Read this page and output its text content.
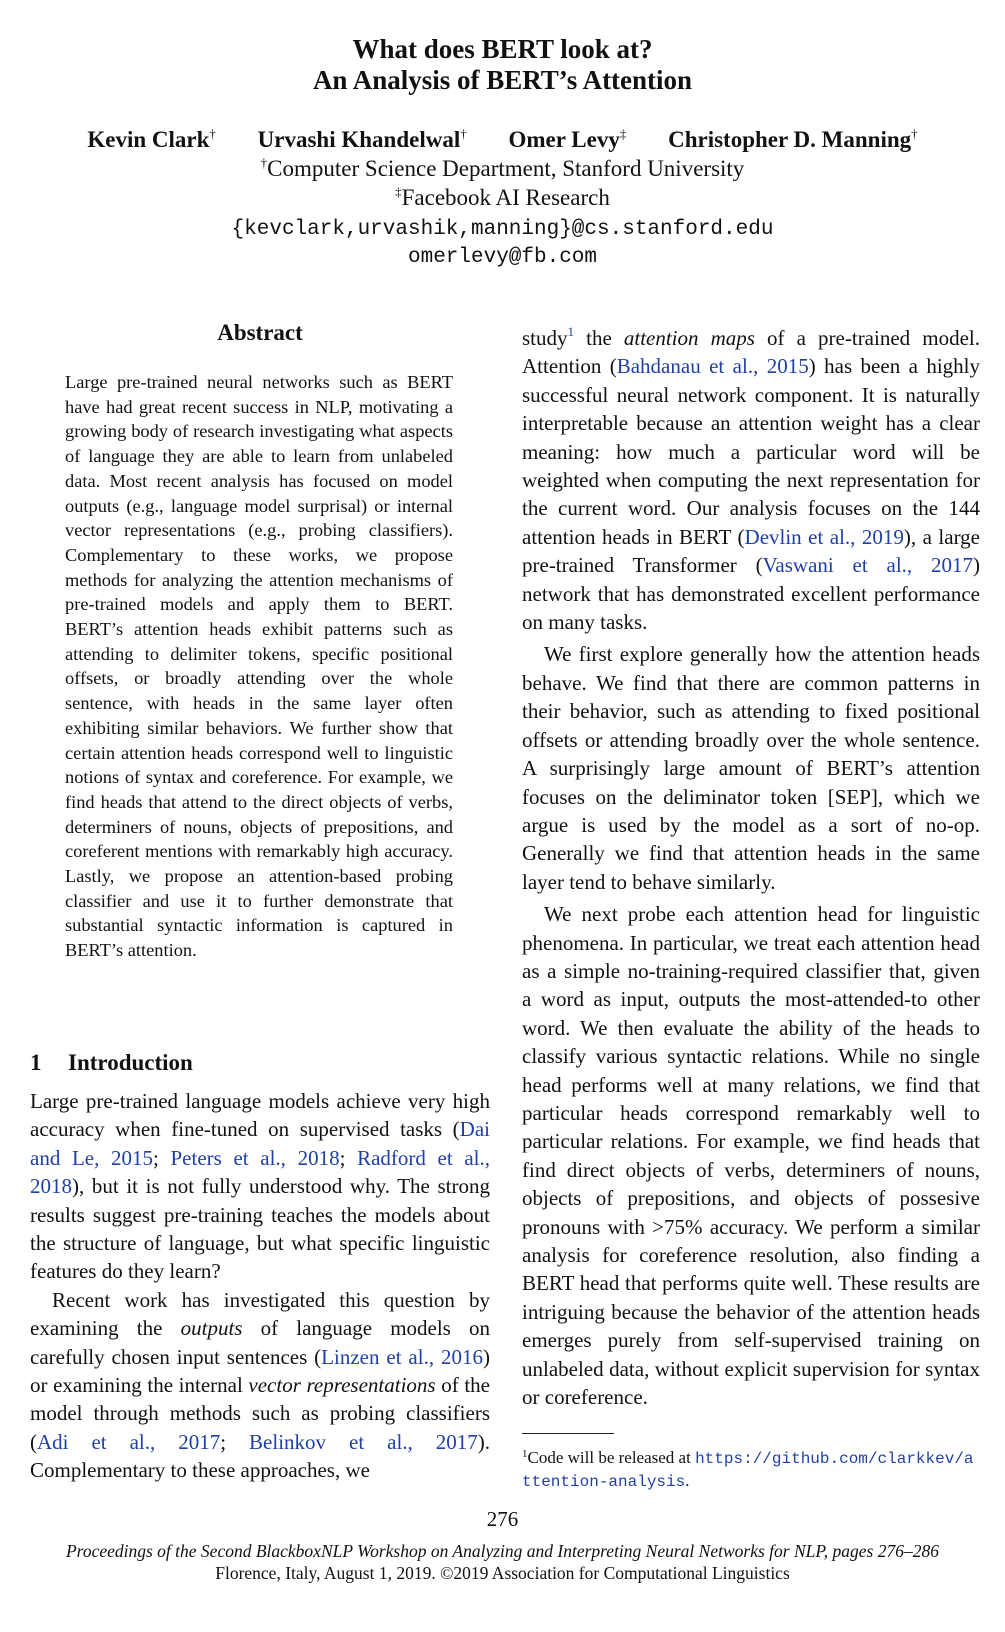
What does BERT look at?
An Analysis of BERT’s Attention
Kevin Clark† Urvashi Khandelwal† Omer Levy‡ Christopher D. Manning†
†Computer Science Department, Stanford University
‡Facebook AI Research
{kevclark,urvashik,manning}@cs.stanford.edu
omerlevy@fb.com
Abstract
Large pre-trained neural networks such as BERT have had great recent success in NLP, motivating a growing body of research investigating what aspects of language they are able to learn from unlabeled data. Most recent analysis has focused on model outputs (e.g., language model surprisal) or internal vector representations (e.g., probing classifiers). Complementary to these works, we propose methods for analyzing the attention mechanisms of pre-trained models and apply them to BERT. BERT’s attention heads exhibit patterns such as attending to delimiter tokens, specific positional offsets, or broadly attending over the whole sentence, with heads in the same layer often exhibiting similar behaviors. We further show that certain attention heads correspond well to linguistic notions of syntax and coreference. For example, we find heads that attend to the direct objects of verbs, determiners of nouns, objects of prepositions, and coreferent mentions with remarkably high accuracy. Lastly, we propose an attention-based probing classifier and use it to further demonstrate that substantial syntactic information is captured in BERT’s attention.
1 Introduction

Large pre-trained language models achieve very high accuracy when fine-tuned on supervised tasks (Dai and Le, 2015; Peters et al., 2018; Radford et al., 2018), but it is not fully understood why. The strong results suggest pre-training teaches the models about the structure of language, but what specific linguistic features do they learn?

Recent work has investigated this question by examining the outputs of language models on carefully chosen input sentences (Linzen et al., 2016) or examining the internal vector representations of the model through methods such as probing classifiers (Adi et al., 2017; Belinkov et al., 2017). Complementary to these approaches, we

study$^1$ the attention maps of a pre-trained model. Attention (Bahdanau et al., 2015) has been a highly successful neural network component. It is naturally interpretable because an attention weight has a clear meaning: how much a particular word will be weighted when computing the next representation for the current word. Our analysis focuses on the 144 attention heads in BERT (Devlin et al., 2019), a large pre-trained Transformer (Vaswani et al., 2017) network that has demonstrated excellent performance on many tasks.

We first explore generally how the attention heads behave. We find that there are common patterns in their behavior, such as attending to fixed positional offsets or attending broadly over the whole sentence. A surprisingly large amount of BERT’s attention focuses on the deliminator token [SEP], which we argue is used by the model as a sort of no-op. Generally we find that attention heads in the same layer tend to behave similarly.

We next probe each attention head for linguistic phenomena. In particular, we treat each attention head as a simple no-training-required classifier that, given a word as input, outputs the most-attended-to other word. We then evaluate the ability of the heads to classify various syntactic relations. While no single head performs well at many relations, we find that particular heads correspond remarkably well to particular relations. For example, we find heads that find direct objects of verbs, determiners of nouns, objects of prepositions, and objects of possesive pronouns with >75% accuracy. We perform a similar analysis for coreference resolution, also finding a BERT head that performs quite well. These results are intriguing because the behavior of the attention heads emerges purely from self-supervised training on unlabeled data, without explicit supervision for syntax or coreference.

$^1$Code will be released at https://github.com/clarkkev/attention-analysis.
276
Proceedings of the Second BlackboxNLP Workshop on Analyzing and Interpreting Neural Networks for NLP, pages 276–286
Florence, Italy, August 1, 2019. ©2019 Association for Computational Linguistics
